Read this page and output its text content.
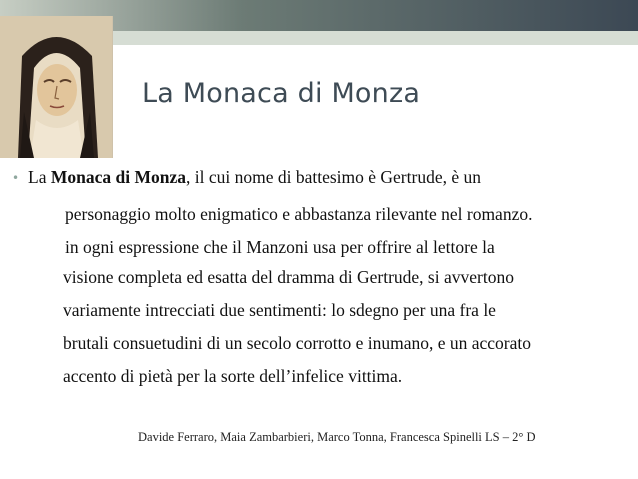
La Monaca di Monza
• La Monaca di Monza, il cui nome di battesimo è Gertrude, è un
personaggio molto enigmatico e abbastanza rilevante nel romanzo.
in ogni espressione che il Manzoni usa per offrire al lettore la
visione completa ed esatta del dramma di Gertrude, si avvertono
variamente intrecciati due sentimenti: lo sdegno per una fra le
brutali consuetudini di un secolo corrotto e inumano, e un accorato
accento di pietà per la sorte dell’infelice vittima.
Davide Ferraro, Maia Zambarbieri, Marco Tonna, Francesca Spinelli LS – 2° D
